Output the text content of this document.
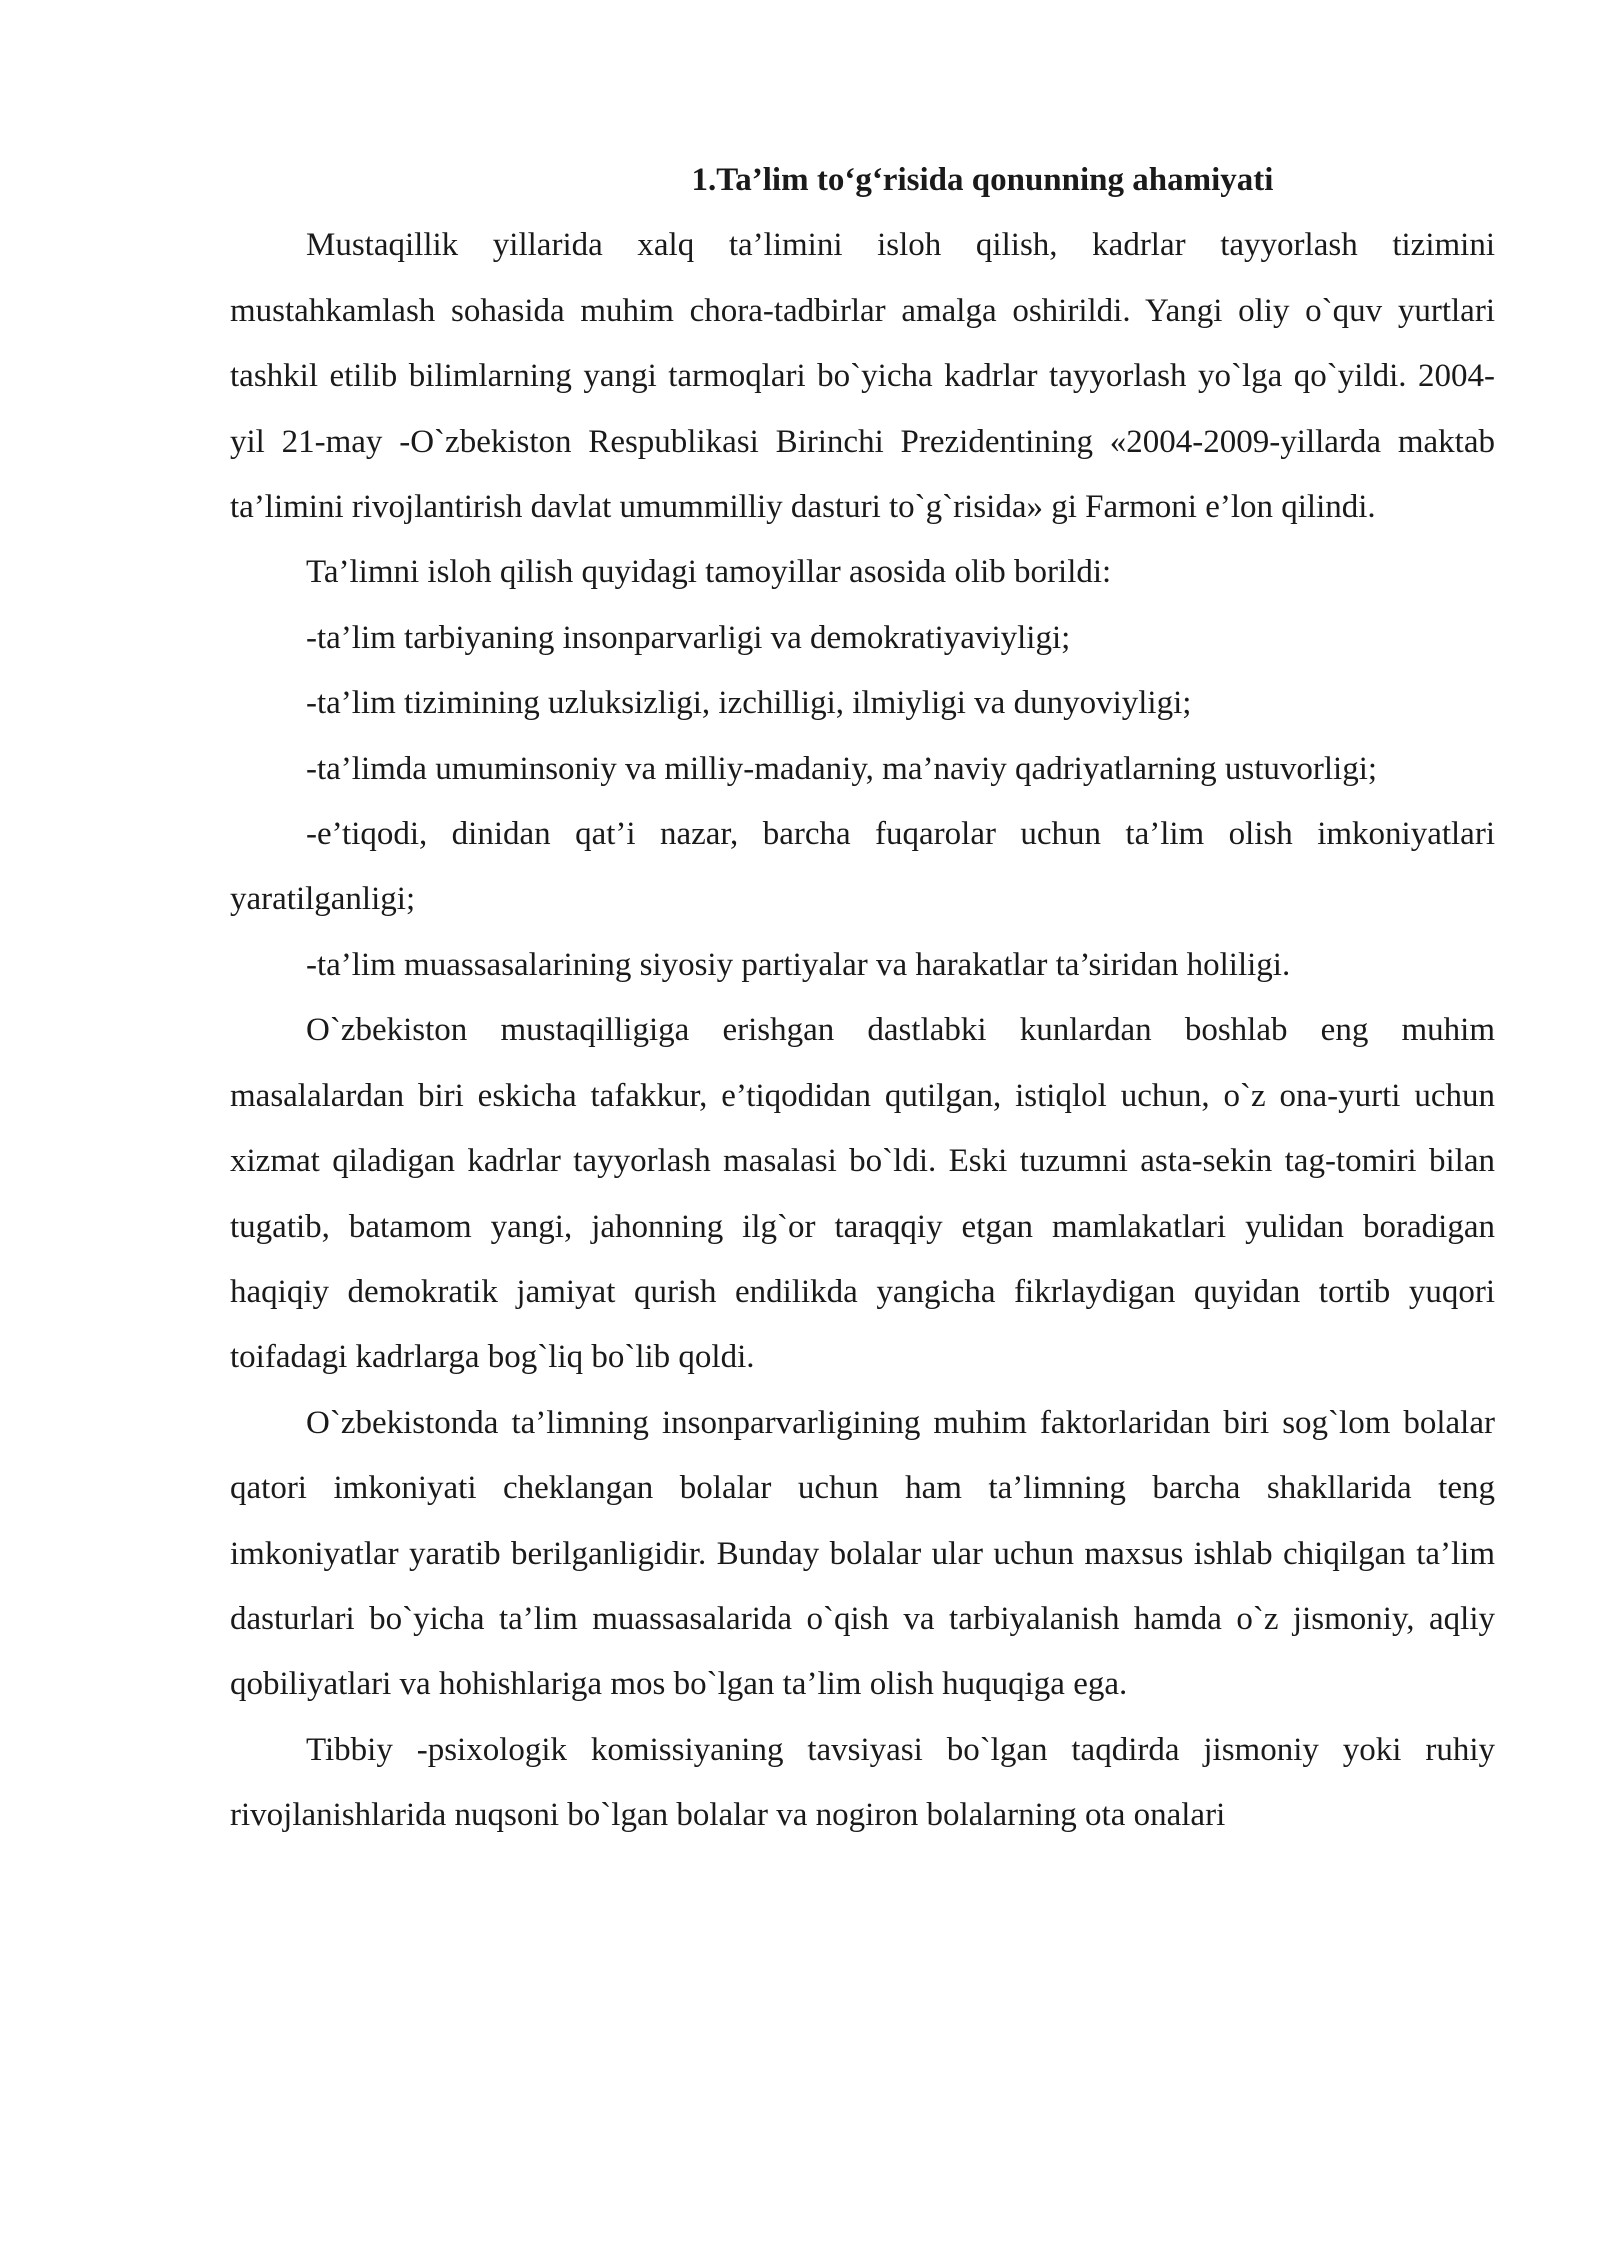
1.Ta’lim to‘g‘risida qonunning ahamiyati

Mustaqillik yillarida xalq ta’limini isloh qilish, kadrlar tayyorlash tizimini mustahkamlash sohasida muhim chora-tadbirlar amalga oshirildi. Yangi oliy o`quv yurtlari tashkil etilib bilimlarning yangi tarmoqlari bo`yicha kadrlar tayyorlash yo`lga qo`yildi. 2004-yil 21-may -O`zbekiston Respublikasi Birinchi Prezidentining «2004-2009-yillarda maktab ta’limini rivojlantirish davlat umummilliy dasturi to`g`risida» gi Farmoni e’lon qilindi.

Ta’limni isloh qilish quyidagi tamoyillar asosida olib borildi:

-ta’lim tarbiyaning insonparvarligi va demokratiyaviyligi;

-ta’lim tizimining uzluksizligi, izchilligi, ilmiyligi va dunyoviyligi;

-ta’limda umuminsoniy va milliy-madaniy, ma’naviy qadriyatlarning ustuvorligi;

-e’tiqodi, dinidan qat’i nazar, barcha fuqarolar uchun ta’lim olish imkoniyatlari yaratilganligi;

-ta’lim muassasalarining siyosiy partiyalar va harakatlar ta’siridan holiligi.

O`zbekiston mustaqilligiga erishgan dastlabki kunlardan boshlab eng muhim masalalardan biri eskicha tafakkur, e’tiqodidan qutilgan, istiqlol uchun, o`z ona-yurti uchun xizmat qiladigan kadrlar tayyorlash masalasi bo`ldi. Eski tuzumni asta-sekin tag-tomiri bilan tugatib, batamom yangi, jahonning ilg`or taraqqiy etgan mamlakatlari yulidan boradigan haqiqiy demokratik jamiyat qurish endilikda yangicha fikrlaydigan quyidan tortib yuqori toifadagi kadrlarga bog`liq bo`lib qoldi.

O`zbekistonda ta’limning insonparvarligining muhim faktorlaridan biri sog`lom bolalar qatori imkoniyati cheklangan bolalar uchun ham ta’limning barcha shakllarida teng imkoniyatlar yaratib berilganligidir. Bunday bolalar ular uchun maxsus ishlab chiqilgan ta’lim dasturlari bo`yicha ta’lim muassasalarida o`qish va tarbiyalanish hamda o`z jismoniy, aqliy qobiliyatlari va hohishlariga mos bo`lgan ta’lim olish huquqiga ega.

Tibbiy -psixologik komissiyaning tavsiyasi bo`lgan taqdirda jismoniy yoki ruhiy rivojlanishlarida nuqsoni bo`lgan bolalar va nogiron bolalarning ota onalari
